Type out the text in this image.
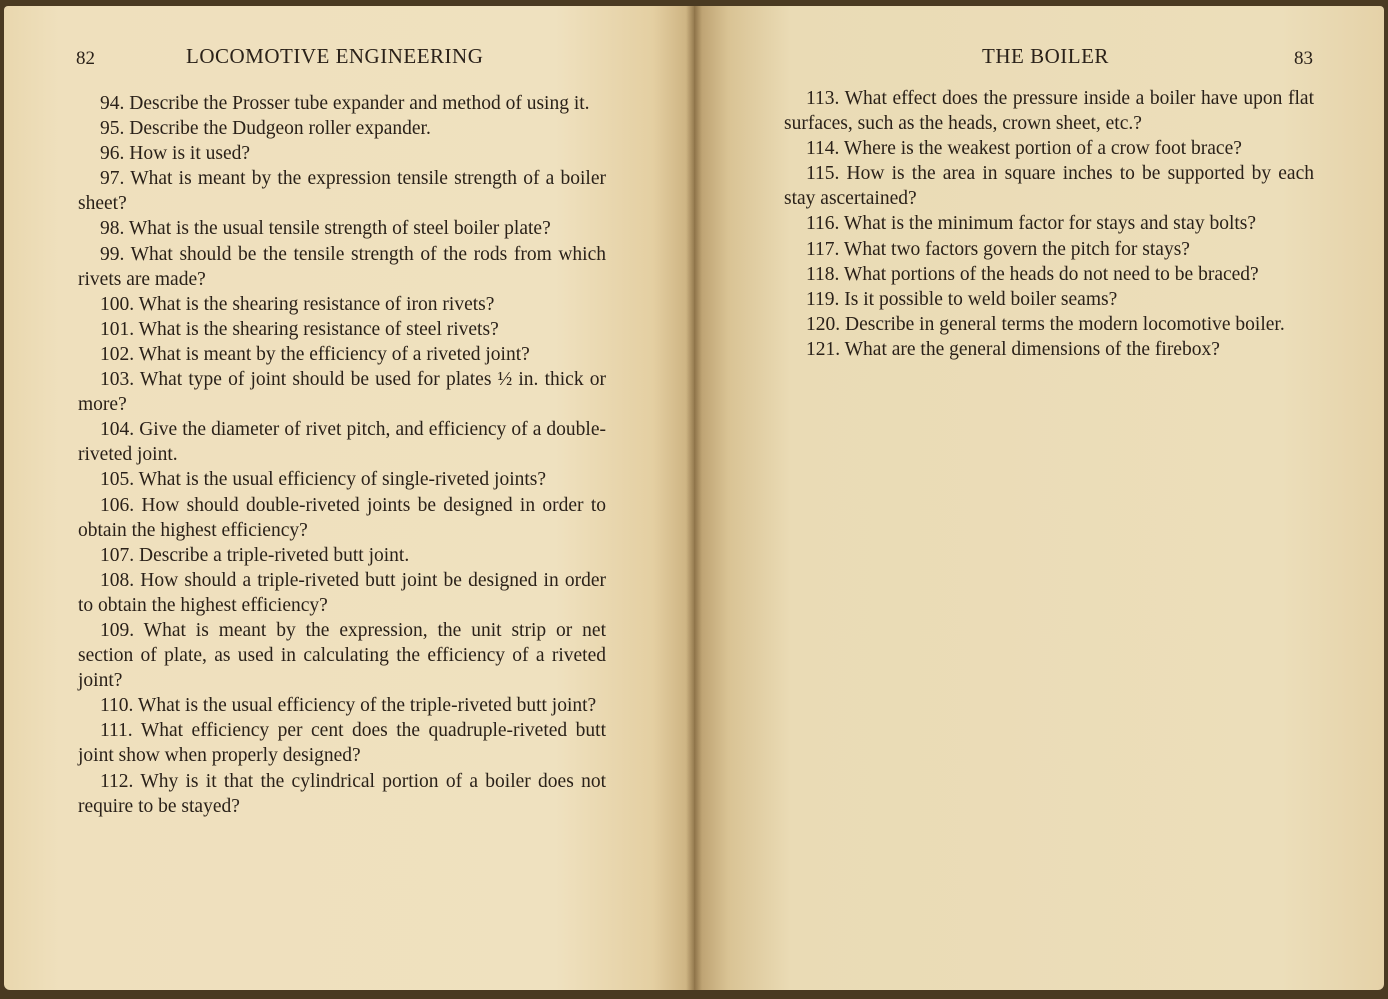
82	LOCOMOTIVE ENGINEERING

94. Describe the Prosser tube expander and method of using it.

95. Describe the Dudgeon roller expander.

96. How is it used?

97. What is meant by the expression tensile strength of a boiler sheet?

98. What is the usual tensile strength of steel boiler plate?

99. What should be the tensile strength of the rods from which rivets are made?

100. What is the shearing resistance of iron rivets?

101. What is the shearing resistance of steel rivets?

102. What is meant by the efficiency of a riveted joint?

103. What type of joint should be used for plates ½ in. thick or more?

104. Give the diameter of rivet pitch, and efficiency of a double-riveted joint.

105. What is the usual efficiency of single-riveted joints?

106. How should double-riveted joints be designed in order to obtain the highest efficiency?

107. Describe a triple-riveted butt joint.

108. How should a triple-riveted butt joint be designed in order to obtain the highest efficiency?

109. What is meant by the expression, the unit strip or net section of plate, as used in calculating the efficiency of a riveted joint?

110. What is the usual efficiency of the triple-riveted butt joint?

111. What efficiency per cent does the quadruple-riveted butt joint show when properly designed?

112. Why is it that the cylindrical portion of a boiler does not require to be stayed?

THE BOILER	83

113. What effect does the pressure inside a boiler have upon flat surfaces, such as the heads, crown sheet, etc.?

114. Where is the weakest portion of a crow foot brace?

115. How is the area in square inches to be supported by each stay ascertained?

116. What is the minimum factor for stays and stay bolts?

117. What two factors govern the pitch for stays?

118. What portions of the heads do not need to be braced?

119. Is it possible to weld boiler seams?

120. Describe in general terms the modern locomotive boiler.

121. What are the general dimensions of the firebox?
